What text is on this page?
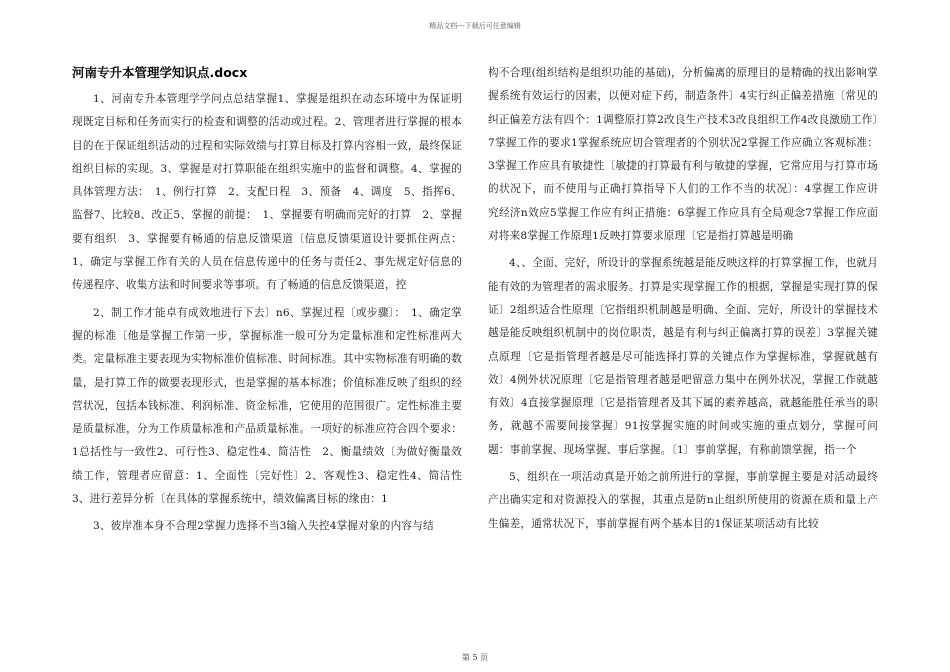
精品文档---下载后可任意编辑
河南专升本管理学知识点.docx

1、河南专升本管理学学问点总结掌握1、掌握是组织在动态环境中为保证明现既定目标和任务而实行的检查和调整的活动或过程。2、管理者进行掌握的根本目的在于保证组织活动的过程和实际效绩与打算目标及打算内容相一致，最终保证组织目标的实现。3、掌握是对打算职能在组织实施中的监督和调整。4、掌握的具体管理方法：　1、例行打算　2、支配日程　3、预备　4、调度　5、指挥6、监督7、比较8、改正5、掌握的前提：　1、掌握要有明确而完好的打算　2、掌握要有组织　3、掌握要有畅通的信息反馈渠道〔信息反馈渠道设计要抓住两点：1、确定与掌握工作有关的人员在信息传递中的任务与责任2、事先规定好信息的传递程序、收集方法和时间要求等事项。有了畅通的信息反馈渠道，控

2、制工作才能卓有成效地进行下去〕n6、掌握过程〔或步骤〕：　1、确定掌握的标准〔他是掌握工作第一步，掌握标准一般可分为定量标准和定性标准两大类。定量标准主要表现为实物标准价值标准、时间标准。其中实物标准有明确的数量，是打算工作的做要表现形式，也是掌握的基本标准；价值标准反映了组织的经营状况，包括本钱标准、利润标准、资金标准，它使用的范围很广。定性标准主要是质量标准，分为工作质量标准和产品质量标准。一项好的标准应符合四个要求：1总括性与一致性2、可行性3、稳定性4、简洁性　2、衡量绩效〔为做好衡量效绩工作，管理者应留意：1、全面性〔完好性〕2、客观性3、稳定性4、简洁性　3、进行差异分析〔在具体的掌握系统中，绩效偏离目标的缘由：1

3、彼岸准本身不合理2掌握力选择不当3输入失控4掌握对象的内容与结

构不合理(组织结构是组织功能的基础)，分析偏离的原理目的是精确的找出影响掌握系统有效运行的因素，以便对症下药，制造条件〕4实行纠正偏差措施〔常见的纠正偏差方法有四个：1调整原打算2改良生产技术3改良组织工作4改良激励工作〕7掌握工作的要求1掌握系统应切合管理者的个别状况2掌握工作应确立客观标准：3掌握工作应具有敏捷性〔敏捷的打算最有利与敏捷的掌握，它常应用与打算市场的状况下，而不使用与正确打算指导下人们的工作不当的状况〕：4掌握工作应讲究经济n效应5掌握工作应有纠正措施：6掌握工作应具有全局观念7掌握工作应面对将来8掌握工作原理1反映打算要求原理〔它是指打算越是明确

4、、全面、完好，所设计的掌握系统越是能反映这样的打算掌握工作，也就月能有效的为管理者的需求服务。打算是实现掌握工作的根据，掌握是实现打算的保证〕2组织适合性原理〔它指组织机制越是明确、全面、完好，所设计的掌握技术越是能反映组织机制中的岗位职责，越是有利与纠正偏离打算的误差〕3掌握关键点原理〔它是指管理者越是尽可能选择打算的关键点作为掌握标准，掌握就越有效〕4例外状况原理〔它是指管理者越是吧留意力集中在例外状况，掌握工作就越有效〕4直接掌握原理〔它是指管理者及其下属的素养越高，就越能胜任承当的职务，就越不需要间接掌握〕91按掌握实施的时间或实施的重点划分，掌握可问题：事前掌握、现场掌握、事后掌握。〔1〕事前掌握，有称前馈掌握，指一个

5、组织在一项活动真是开始之前所进行的掌握，事前掌握主要是对活动最终产出确实定和对资源投入的掌握，其重点是防n止组织所使用的资源在质和量上产生偏差，通常状况下，事前掌握有两个基本目的1保证某项活动有比较

第 5 页
